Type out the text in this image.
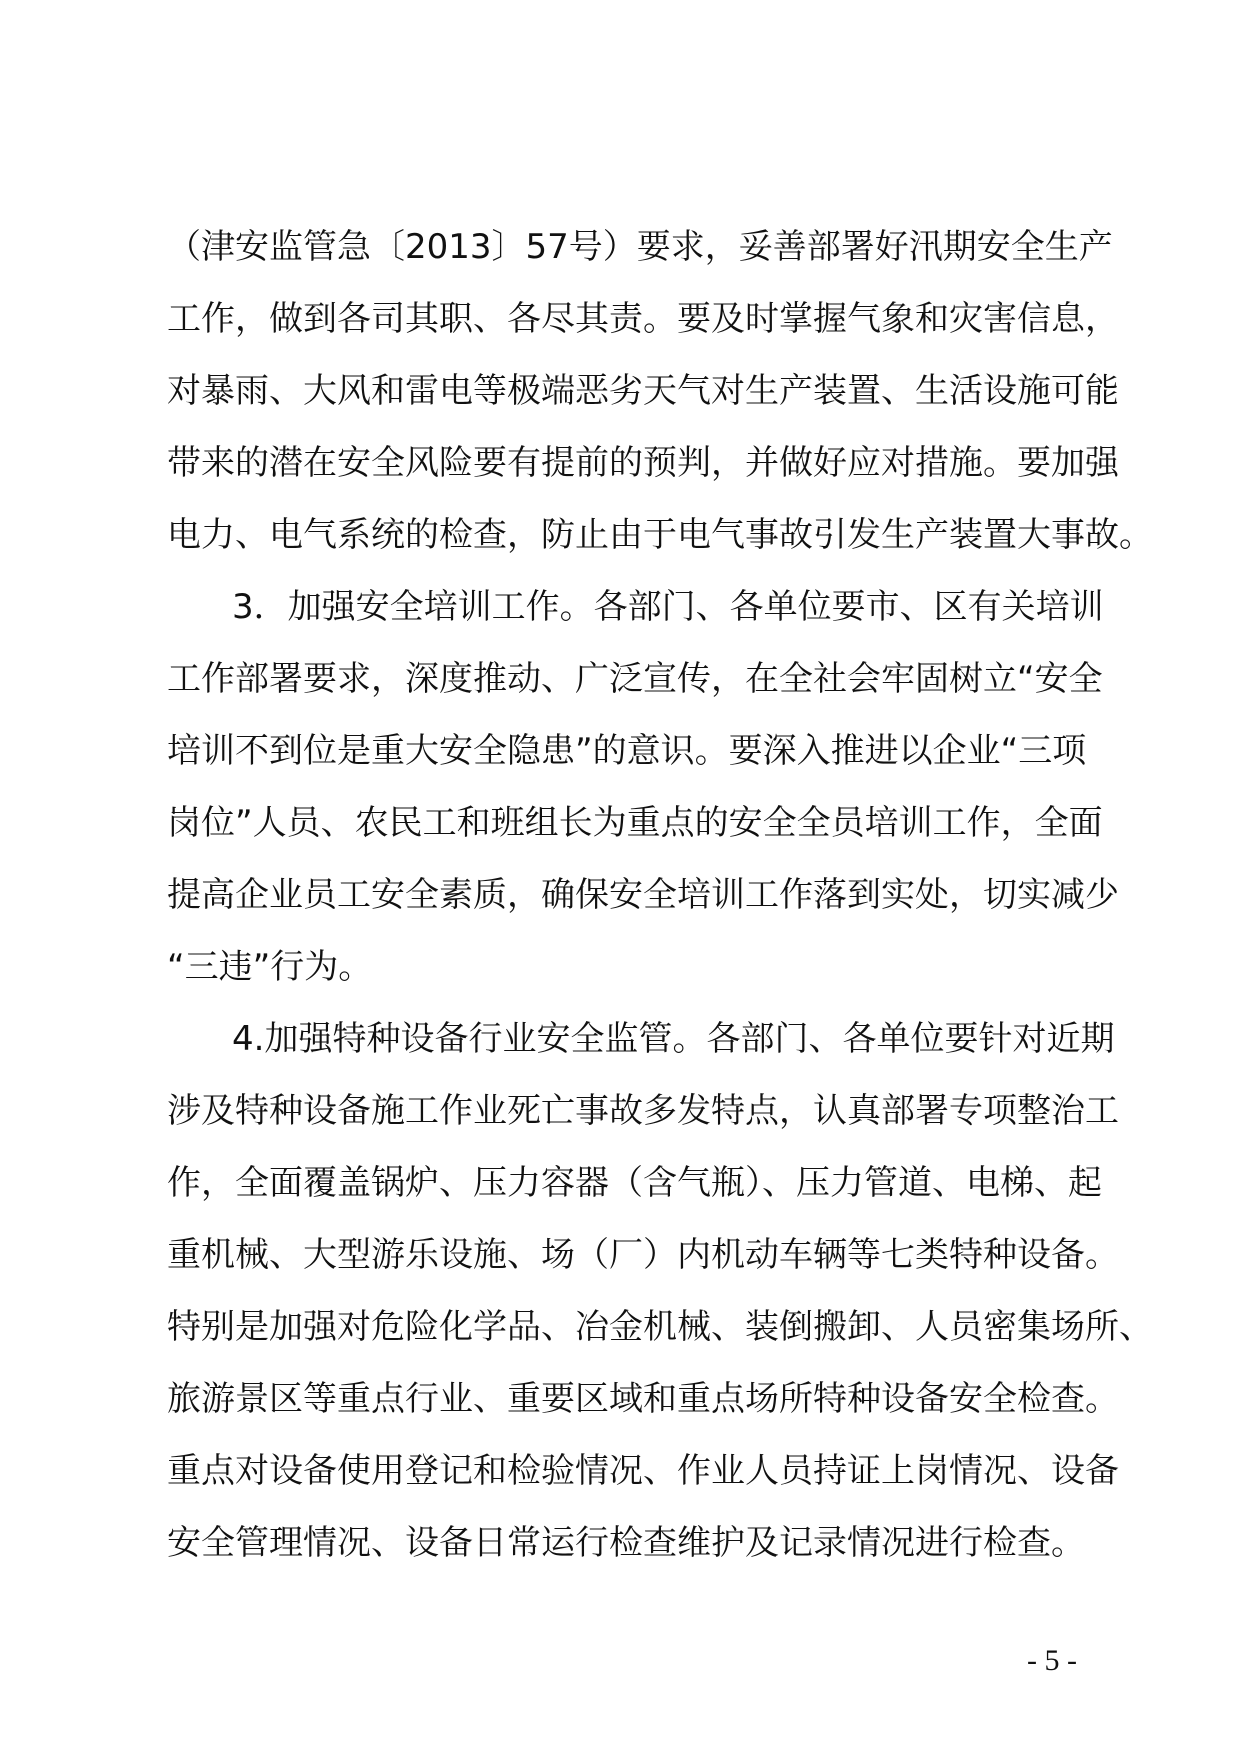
（津安监管急〔2013〕57号）要求，妥善部署好汛期安全生产
工作，做到各司其职、各尽其责。要及时掌握气象和灾害信息，
对暴雨、大风和雷电等极端恶劣天气对生产装置、生活设施可能
带来的潜在安全风险要有提前的预判，并做好应对措施。要加强
电力、电气系统的检查，防止由于电气事故引发生产装置大事故。
3．加强安全培训工作。各部门、各单位要市、区有关培训
工作部署要求，深度推动、广泛宣传，在全社会牢固树立“安全
培训不到位是重大安全隐患”的意识。要深入推进以企业“三项
岗位”人员、农民工和班组长为重点的安全全员培训工作，全面
提高企业员工安全素质，确保安全培训工作落到实处，切实减少
“三违”行为。
4.加强特种设备行业安全监管。各部门、各单位要针对近期
涉及特种设备施工作业死亡事故多发特点，认真部署专项整治工
作，全面覆盖锅炉、压力容器（含气瓶）、压力管道、电梯、起
重机械、大型游乐设施、场（厂）内机动车辆等七类特种设备。
特别是加强对危险化学品、冶金机械、装倒搬卸、人员密集场所、
旅游景区等重点行业、重要区域和重点场所特种设备安全检查。
重点对设备使用登记和检验情况、作业人员持证上岗情况、设备
安全管理情况、设备日常运行检查维护及记录情况进行检查。
- 5 -
